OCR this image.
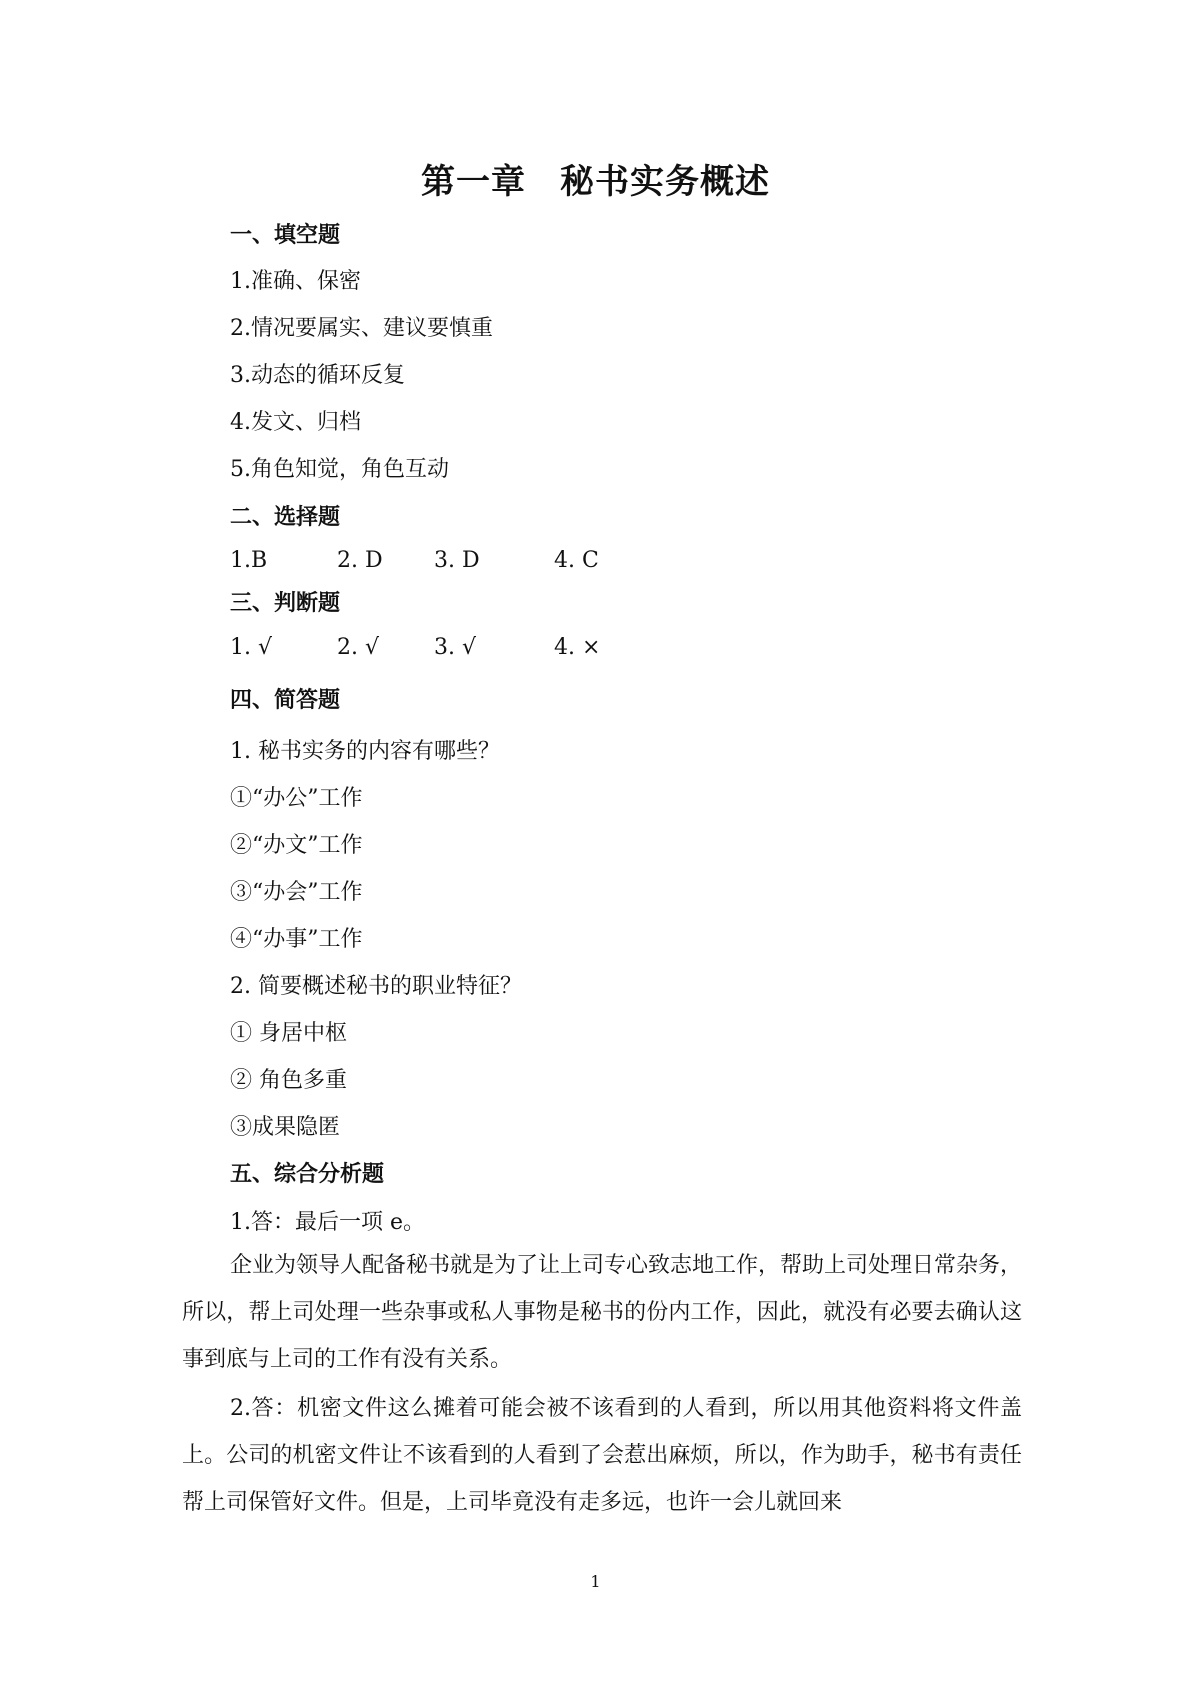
第一章 秘书实务概述
一、填空题
1.准确、保密
2.情况要属实、建议要慎重
3.动态的循环反复
4.发文、归档
5.角色知觉，角色互动
二、选择题
1.B	2. D 3. D	4. C
三、判断题
1. √	2. √ 3. √	4. ×
四、简答题
1. 秘书实务的内容有哪些？
①“办公”工作
②“办文”工作
③“办会”工作
④“办事”工作
2. 简要概述秘书的职业特征？
① 身居中枢
② 角色多重
③成果隐匿
五、综合分析题
1.答：最后一项 e。
企业为领导人配备秘书就是为了让上司专心致志地工作，帮助上司处理日常杂务，所以，帮上司处理一些杂事或私人事物是秘书的份内工作，因此，就没有必要去确认这事到底与上司的工作有没有关系。
2.答：机密文件这么摊着可能会被不该看到的人看到，所以用其他资料将文件盖上。公司的机密文件让不该看到的人看到了会惹出麻烦，所以，作为助手，秘书有责任帮上司保管好文件。但是，上司毕竟没有走多远，也许一会儿就回来
1
